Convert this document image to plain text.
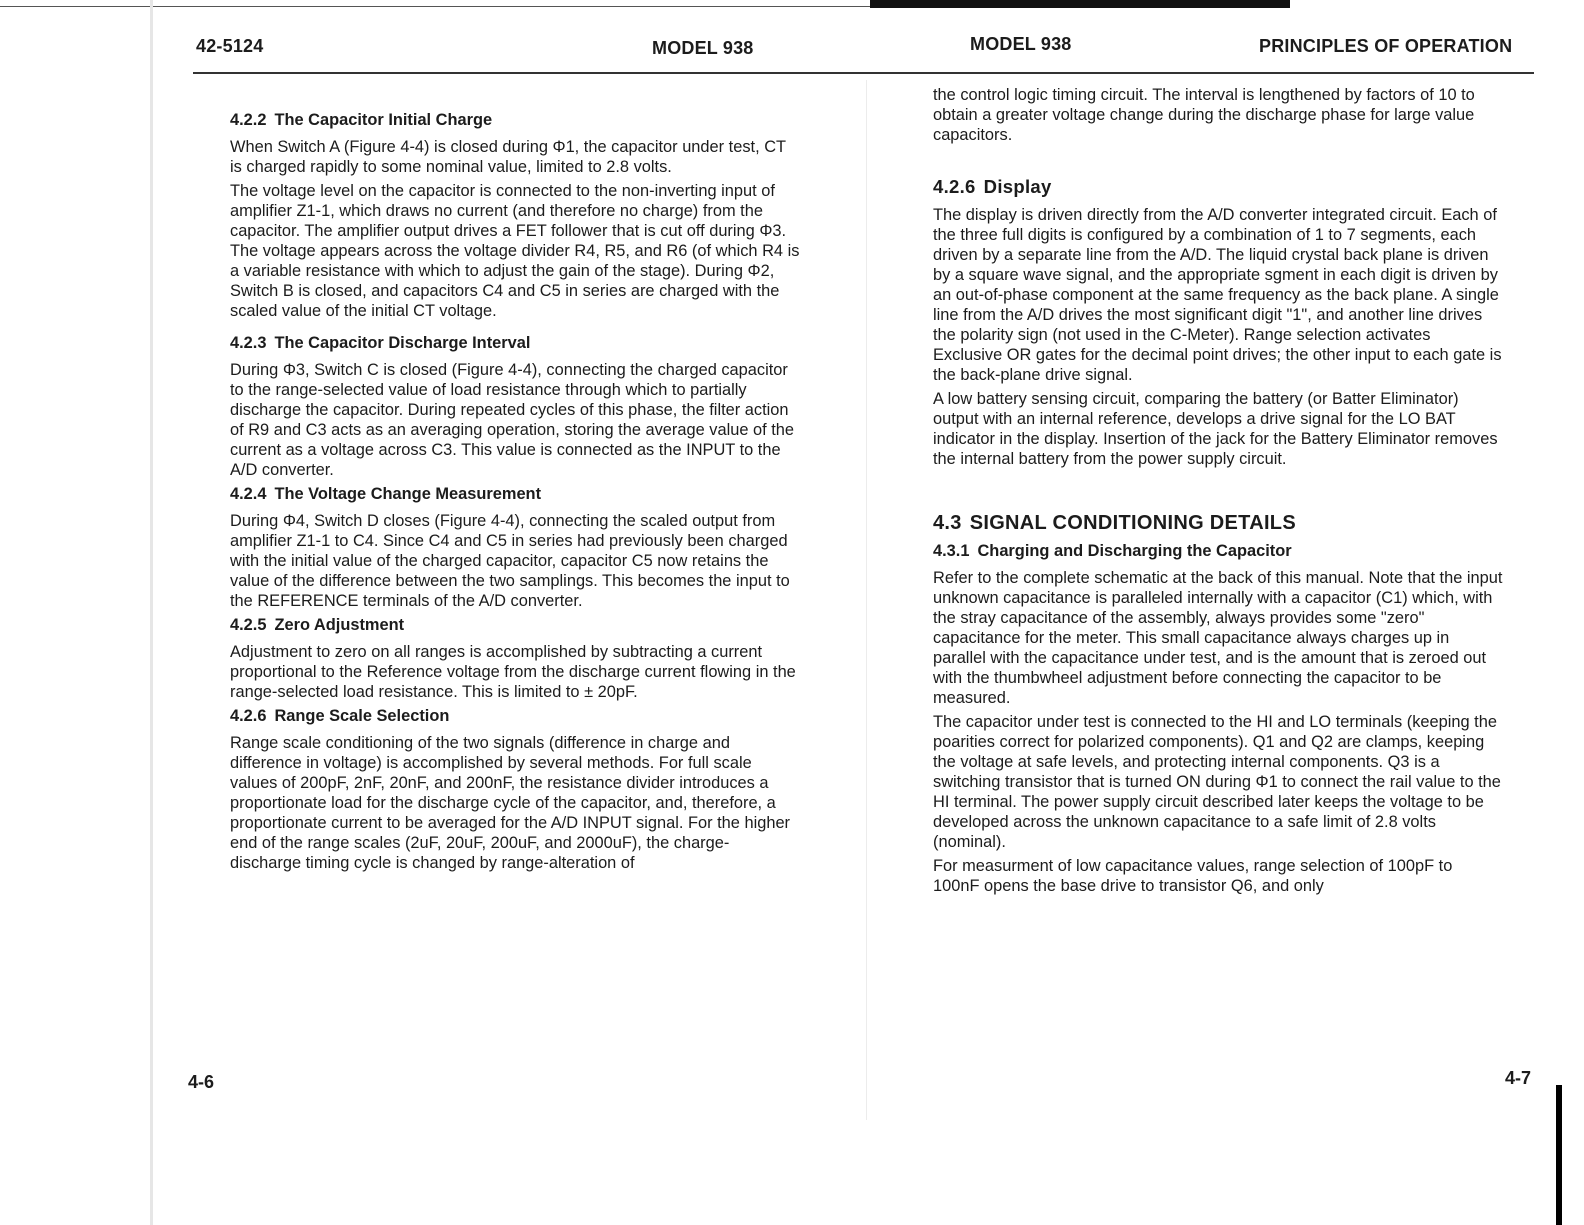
42-5124	MODEL 938
4.2.2 The Capacitor Initial Charge

When Switch A (Figure 4-4) is closed during Φ1, the capacitor under test, CT is charged rapidly to some nominal value, limited to 2.8 volts.

The voltage level on the capacitor is connected to the non-inverting input of amplifier Z1-1, which draws no current (and therefore no charge) from the capacitor. The amplifier output drives a FET follower that is cut off during Φ3. The voltage appears across the voltage divider R4, R5, and R6 (of which R4 is a variable resistance with which to adjust the gain of the stage). During Φ2, Switch B is closed, and capacitors C4 and C5 in series are charged with the scaled value of the initial CT voltage.

4.2.3 The Capacitor Discharge Interval

During Φ3, Switch C is closed (Figure 4-4), connecting the charged capacitor to the range-selected value of load resistance through which to partially discharge the capacitor. During repeated cycles of this phase, the filter action of R9 and C3 acts as an averaging operation, storing the average value of the current as a voltage across C3. This value is connected as the INPUT to the A/D converter.

4.2.4 The Voltage Change Measurement

During Φ4, Switch D closes (Figure 4-4), connecting the scaled output from amplifier Z1-1 to C4. Since C4 and C5 in series had previously been charged with the initial value of the charged capacitor, capacitor C5 now retains the value of the difference between the two samplings. This becomes the input to the REFERENCE terminals of the A/D converter.

4.2.5 Zero Adjustment

Adjustment to zero on all ranges is accomplished by subtracting a current proportional to the Reference voltage from the discharge current flowing in the range-selected load resistance. This is limited to ± 20pF.

4.2.6 Range Scale Selection

Range scale conditioning of the two signals (difference in charge and difference in voltage) is accomplished by several methods. For full scale values of 200pF, 2nF, 20nF, and 200nF, the resistance divider introduces a proportionate load for the discharge cycle of the capacitor, and, therefore, a proportionate current to be averaged for the A/D INPUT signal. For the higher end of the range scales (2uF, 20uF, 200uF, and 2000uF), the charge-discharge timing cycle is changed by range-alteration of

4-6
MODEL 938	PRINCIPLES OF OPERATION

the control logic timing circuit. The interval is lengthened by factors of 10 to obtain a greater voltage change during the discharge phase for large value capacitors.

4.2.6 Display

The display is driven directly from the A/D converter integrated circuit. Each of the three full digits is configured by a combination of 1 to 7 segments, each driven by a separate line from the A/D. The liquid crystal back plane is driven by a square wave signal, and the appropriate sgment in each digit is driven by an out-of-phase component at the same frequency as the back plane. A single line from the A/D drives the most significant digit "1", and another line drives the polarity sign (not used in the C-Meter). Range selection activates Exclusive OR gates for the decimal point drives; the other input to each gate is the back-plane drive signal.

A low battery sensing circuit, comparing the battery (or Batter Eliminator) output with an internal reference, develops a drive signal for the LO BAT indicator in the display. Insertion of the jack for the Battery Eliminator removes the internal battery from the power supply circuit.

4.3 SIGNAL CONDITIONING DETAILS
4.3.1 Charging and Discharging the Capacitor

Refer to the complete schematic at the back of this manual. Note that the input unknown capacitance is paralleled internally with a capacitor (C1) which, with the stray capacitance of the assembly, always provides some "zero" capacitance for the meter. This small capacitance always charges up in parallel with the capacitance under test, and is the amount that is zeroed out with the thumbwheel adjustment before connecting the capacitor to be measured.

The capacitor under test is connected to the HI and LO terminals (keeping the poarities correct for polarized components). Q1 and Q2 are clamps, keeping the voltage at safe levels, and protecting internal components. Q3 is a switching transistor that is turned ON during Φ1 to connect the rail value to the HI terminal. The power supply circuit described later keeps the voltage to be developed across the unknown capacitance to a safe limit of 2.8 volts (nominal).

For measurment of low capacitance values, range selection of 100pF to 100nF opens the base drive to transistor Q6, and only

4-7
